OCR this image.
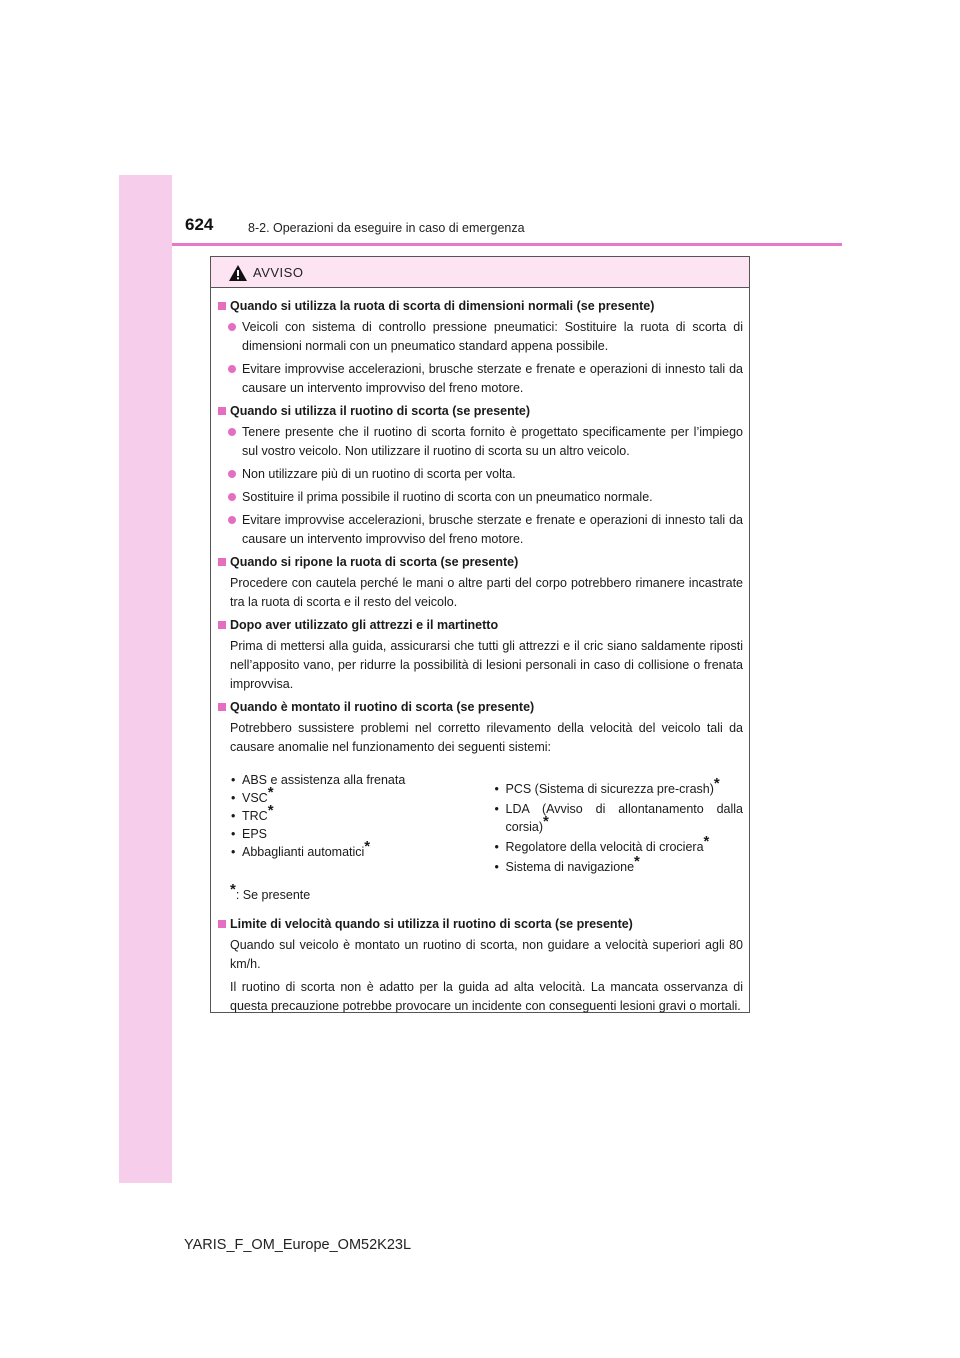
624	8-2. Operazioni da eseguire in caso di emergenza
AVVISO
Quando si utilizza la ruota di scorta di dimensioni normali (se presente)
Veicoli con sistema di controllo pressione pneumatici: Sostituire la ruota di scorta di dimensioni normali con un pneumatico standard appena possibile.
Evitare improvvise accelerazioni, brusche sterzate e frenate e operazioni di innesto tali da causare un intervento improvviso del freno motore.
Quando si utilizza il ruotino di scorta (se presente)
Tenere presente che il ruotino di scorta fornito è progettato specificamente per l’impiego sul vostro veicolo. Non utilizzare il ruotino di scorta su un altro veicolo.
Non utilizzare più di un ruotino di scorta per volta.
Sostituire il prima possibile il ruotino di scorta con un pneumatico normale.
Evitare improvvise accelerazioni, brusche sterzate e frenate e operazioni di innesto tali da causare un intervento improvviso del freno motore.
Quando si ripone la ruota di scorta (se presente)
Procedere con cautela perché le mani o altre parti del corpo potrebbero rimanere incastrate tra la ruota di scorta e il resto del veicolo.
Dopo aver utilizzato gli attrezzi e il martinetto
Prima di mettersi alla guida, assicurarsi che tutti gli attrezzi e il cric siano saldamente riposti nell’apposito vano, per ridurre la possibilità di lesioni personali in caso di collisione o frenata improvvisa.
Quando è montato il ruotino di scorta (se presente)
Potrebbero sussistere problemi nel corretto rilevamento della velocità del veicolo tali da causare anomalie nel funzionamento dei seguenti sistemi:
• ABS e assistenza alla frenata
• VSC*
• TRC*
• EPS
• Abbaglianti automatici*
• PCS (Sistema di sicurezza pre-crash)*
• LDA (Avviso di allontanamento dalla corsia)*
• Regolatore della velocità di crociera*
• Sistema di navigazione*
*: Se presente
Limite di velocità quando si utilizza il ruotino di scorta (se presente)
Quando sul veicolo è montato un ruotino di scorta, non guidare a velocità superiori agli 80 km/h.
Il ruotino di scorta non è adatto per la guida ad alta velocità. La mancata osservanza di questa precauzione potrebbe provocare un incidente con conseguenti lesioni gravi o mortali.
YARIS_F_OM_Europe_OM52K23L
